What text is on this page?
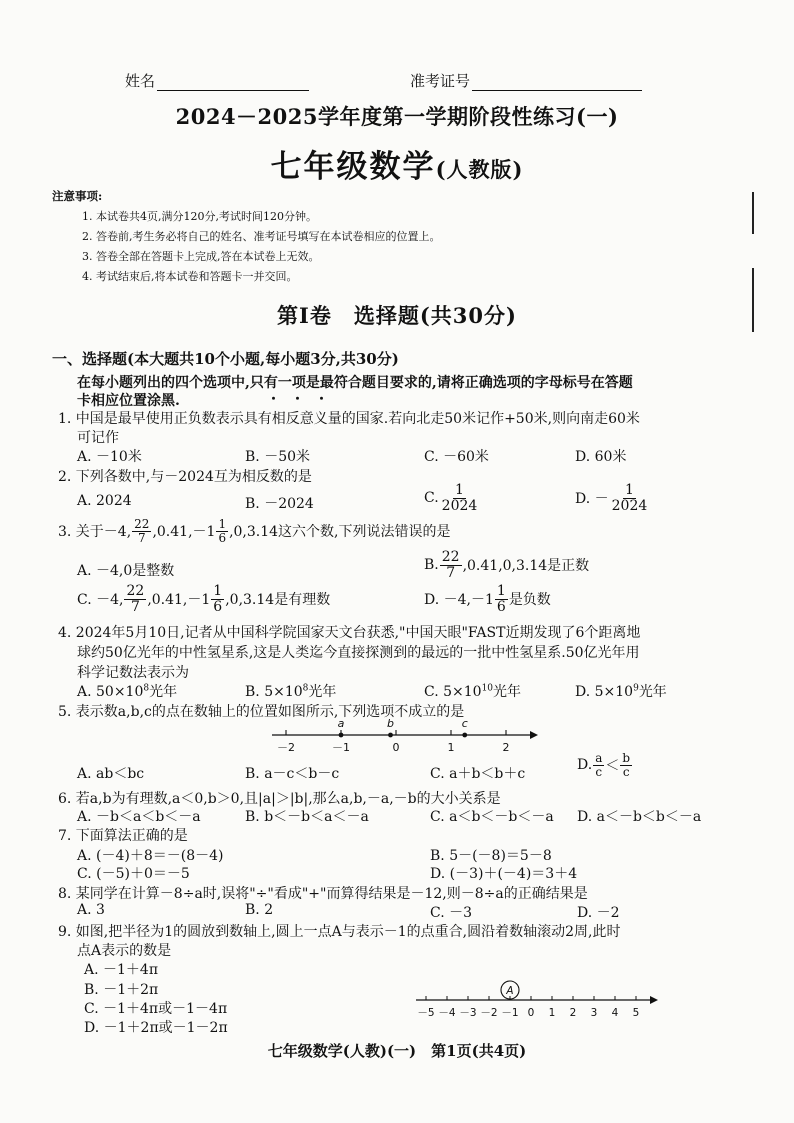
姓名	准考证号
2024－2025学年度第一学期阶段性练习(一)
七年级数学(人教版)
注意事项:
1. 本试卷共4页,满分120分,考试时间120分钟。
2. 答卷前,考生务必将自己的姓名、准考证号填写在本试卷相应的位置上。
3. 答卷全部在答题卡上完成,答在本试卷上无效。
4. 考试结束后,将本试卷和答题卡一并交回。
第Ⅰ卷　选择题(共30分)
一、选择题(本大题共10个小题,每小题3分,共30分)
在每小题列出的四个选项中,只有一项是最符合题目要求的,请将正确选项的字母标号在答题
・・・
卡相应位置涂黑.
1. 中国是最早使用正负数表示具有相反意义量的国家.若向北走50米记作+50米,则向南走60米
可记作
A. －10米	B. －50米	C. －60米	D. 60米
2. 下列各数中,与－2024互为相反数的是
A. 2024	B. －2024	C. $\frac{1}{2024}$	D. － $\frac{1}{2024}$
3. 关于－4, $\frac{22}{7} ,0.41,-1 \frac{1}{6} ,0,3.14$这六个数,下列说法错误的是
A. －4,0是整数	B. $\frac{22}{7} ,0.41,0,3.14$是正数
C. －4, $\frac{22}{7} ,0.41,-1 \frac{1}{6} ,0,3.14$是有理数	D. $-4,-1 \frac{1}{6}$ 是负数
4. 2024年5月10日,记者从中国科学院国家天文台获悉,"中国天眼"FAST近期发现了6个距离地
球约50亿光年的中性氢星系,这是人类迄今直接探测到的最远的一批中性氢星系.50亿光年用
科学记数法表示为
A. $50\times 10^8$光年	B. $5\times 10^8$光年	C. $5\times 10^{10}$光年	D. $5\times 10^9$光年
5. 表示数a,b,c的点在数轴上的位置如图所示,下列选项不成立的是
－2	－1	0	1	2
a	b	c
A. ab＜bc	B. a－c＜b－c	C. a＋b＜b＋c
D. $\frac{a}{c} < \frac{b}{c}$
6. 若a,b为有理数,a＜0,b＞0,且|a|＞|b|,那么a,b,－a,－b的大小关系是
A. －b＜a＜b＜－a	B. b＜－b＜a＜－a	C. a＜b＜－b＜－a D. a＜－b＜b＜－a
7. 下面算法正确的是
A. (－4)＋8＝－(8－4)	B. 5－(－8)＝5－8
C. (－5)＋0＝－5	D. (－3)＋(－4)＝3＋4
8. 某同学在计算－8÷a时,误将"÷"看成"+"而算得结果是－12,则－8÷a的正确结果是
A. 3	B. 2	C. －3	D. －2
9. 如图,把半径为1的圆放到数轴上,圆上一点A与表示－1的点重合,圆沿着数轴滚动2周,此时
点A表示的数是
A. －1＋4π
B. －1＋2π
C. －1＋4π或－1－4π
D. －1＋2π或－1－2π
－5 －4 －3 －2 －1 0 1 2 3 4 5
A
七年级数学(人教)(一)　第1页(共4页)
